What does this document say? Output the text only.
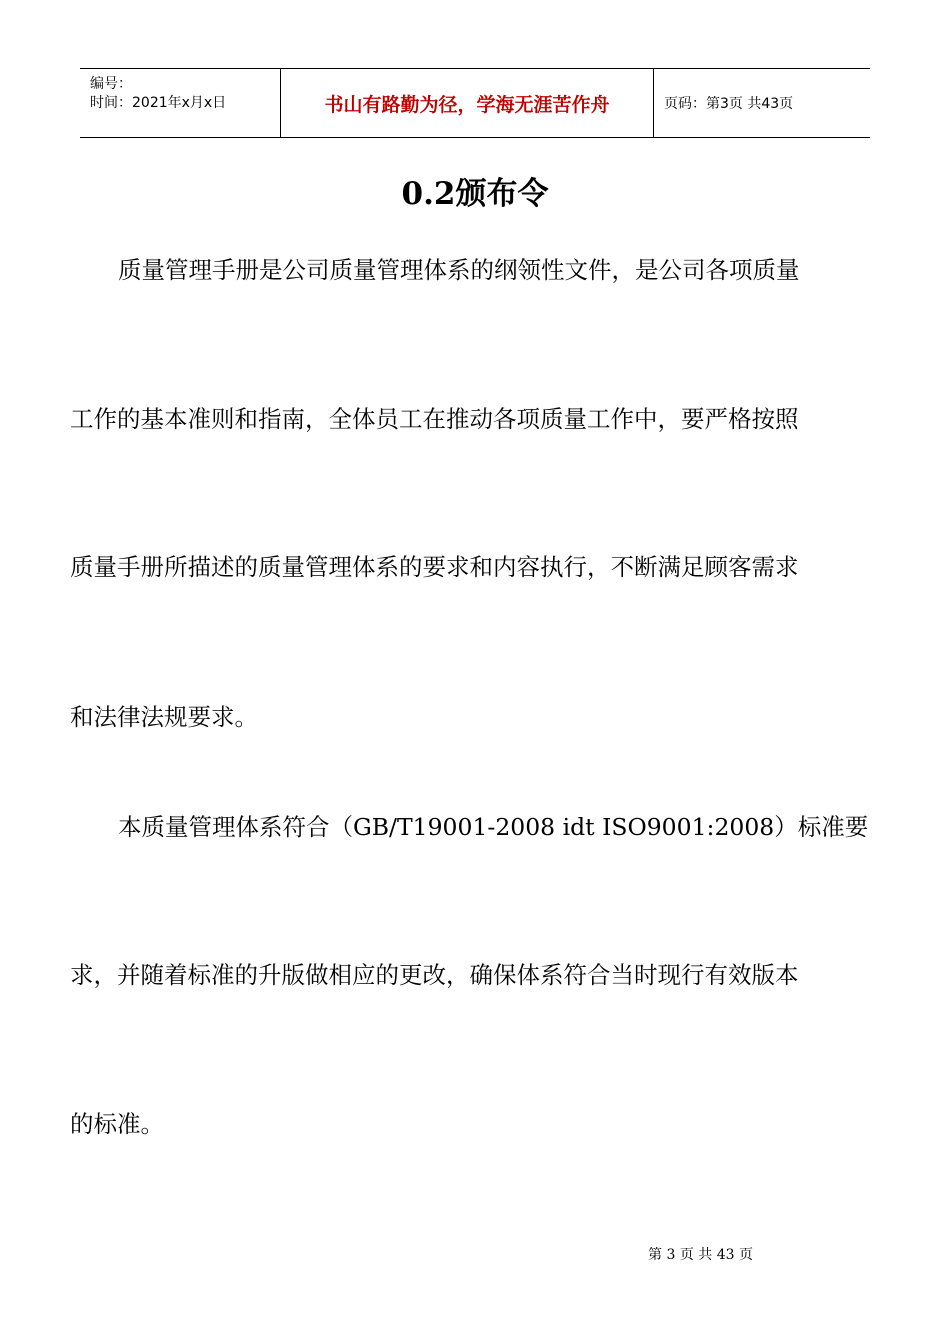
编号：
时间：2021年x月x日	书山有路勤为径，学海无涯苦作舟	页码：第3页 共43页
0.2颁布令

质量管理手册是公司质量管理体系的纲领性文件，是公司各项质量

工作的基本准则和指南，全体员工在推动各项质量工作中，要严格按照

质量手册所描述的质量管理体系的要求和内容执行，不断满足顾客需求

和法律法规要求。

本质量管理体系符合（GB/T19001-2008 idt ISO9001:2008）标准要

求，并随着标准的升版做相应的更改，确保体系符合当时现行有效版本

的标准。

第 3 页 共 43 页
